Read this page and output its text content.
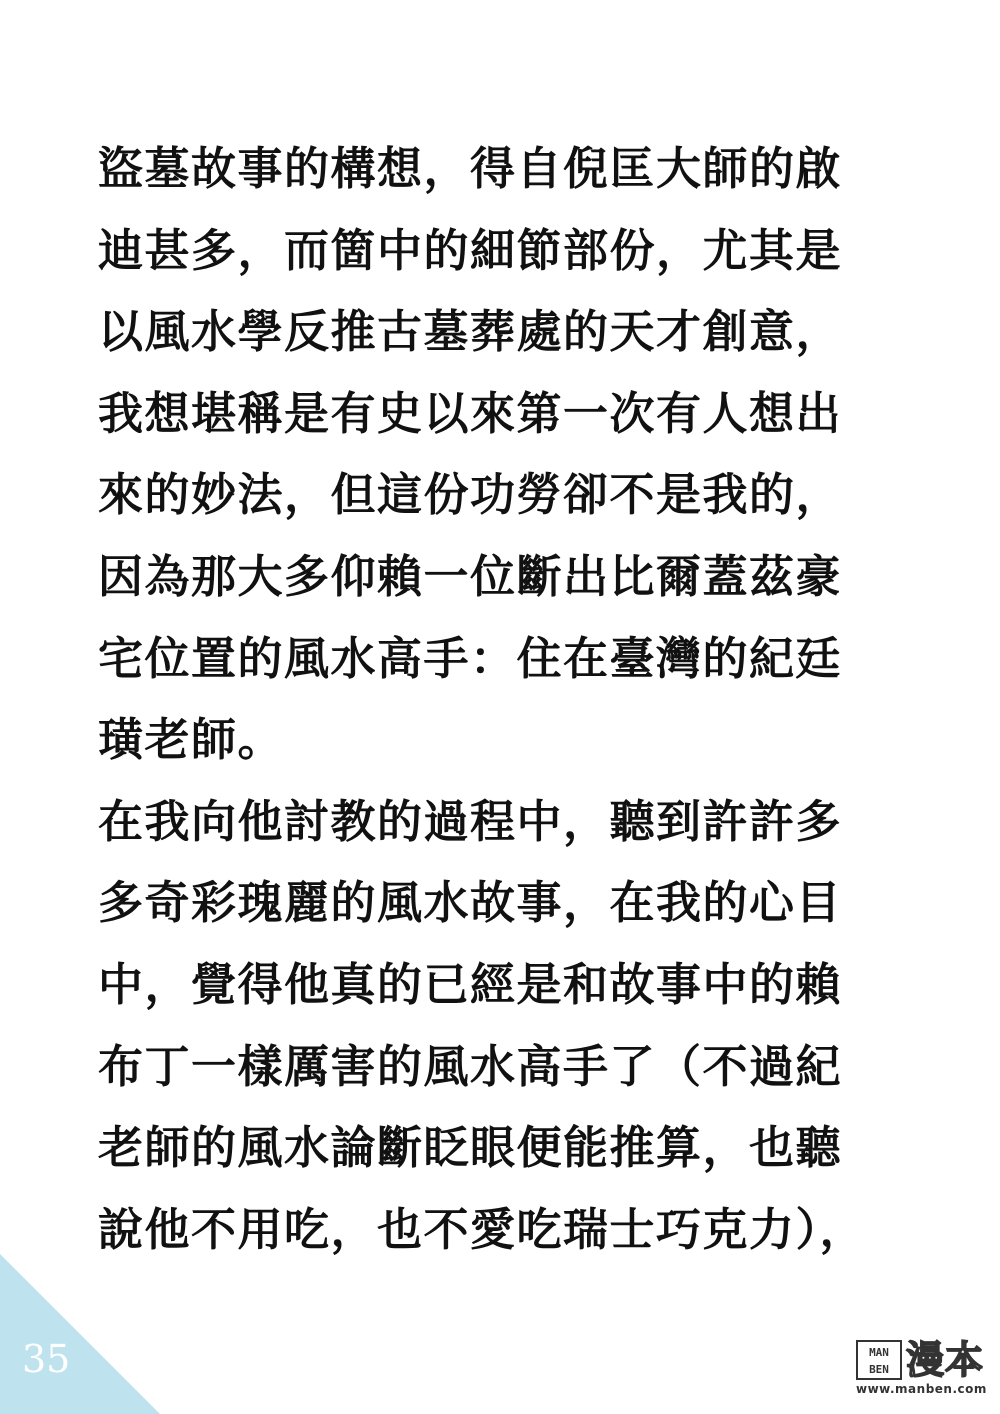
盜墓故事的構想，得自倪匡大師的啟
迪甚多，而箇中的細節部份，尤其是
以風水學反推古墓葬處的天才創意，
我想堪稱是有史以來第一次有人想出
來的妙法，但這份功勞卻不是我的，
因為那大多仰賴一位斷出比爾蓋茲豪
宅位置的風水高手：住在臺灣的紀廷
璜老師。
在我向他討教的過程中，聽到許許多
多奇彩瑰麗的風水故事，在我的心目
中，覺得他真的已經是和故事中的賴
布丁一樣厲害的風水高手了（不過紀
老師的風水論斷眨眼便能推算，也聽
說他不用吃，也不愛吃瑞士巧克力），
35	MAN
BEN 漫本
www.manben.com
